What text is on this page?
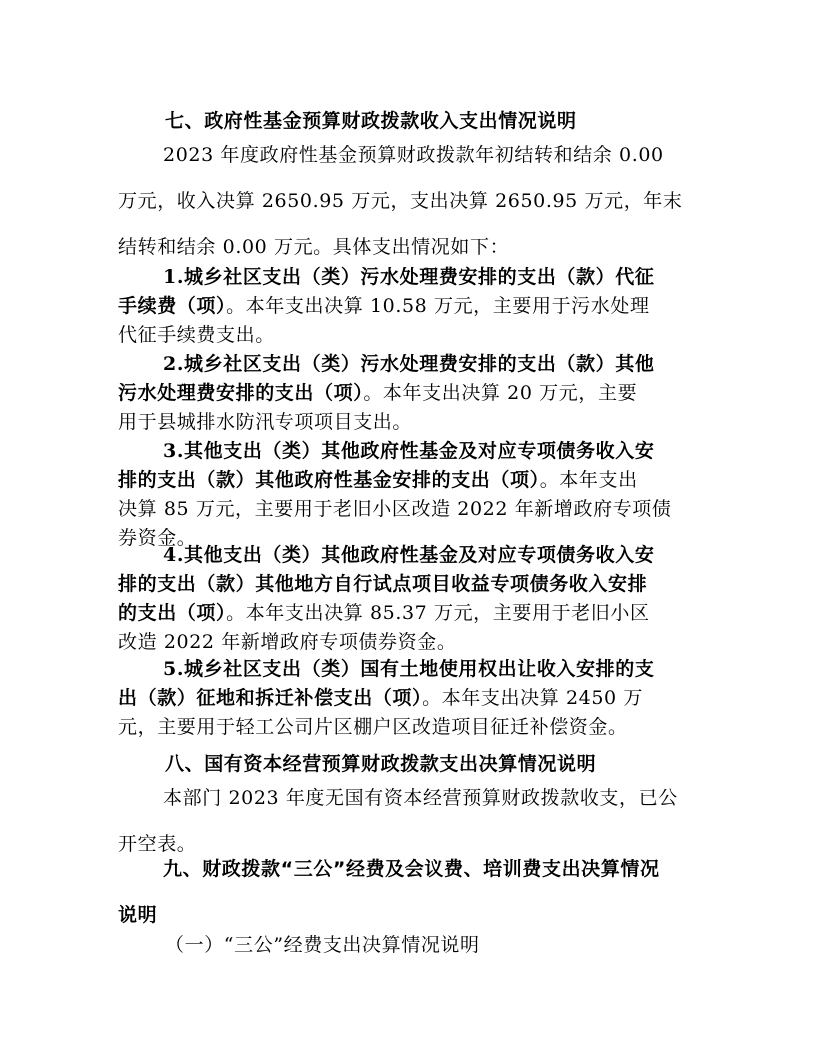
七、政府性基金预算财政拨款收入支出情况说明
2023 年度政府性基金预算财政拨款年初结转和结余 0.00
万元，收入决算 2650.95 万元，支出决算 2650.95 万元，年末
结转和结余 0.00 万元。具体支出情况如下：
1.城乡社区支出（类）污水处理费安排的支出（款）代征
手续费（项）。本年支出决算 10.58 万元，主要用于污水处理
代征手续费支出。
2.城乡社区支出（类）污水处理费安排的支出（款）其他
污水处理费安排的支出（项）。本年支出决算 20 万元，主要
用于县城排水防汛专项项目支出。
3.其他支出（类）其他政府性基金及对应专项债务收入安
排的支出（款）其他政府性基金安排的支出（项）。本年支出
决算 85 万元，主要用于老旧小区改造 2022 年新增政府专项债
券资金。
4.其他支出（类）其他政府性基金及对应专项债务收入安
排的支出（款）其他地方自行试点项目收益专项债务收入安排
的支出（项）。本年支出决算 85.37 万元，主要用于老旧小区
改造 2022 年新增政府专项债券资金。
5.城乡社区支出（类）国有土地使用权出让收入安排的支
出（款）征地和拆迁补偿支出（项）。本年支出决算 2450 万
元，主要用于轻工公司片区棚户区改造项目征迁补偿资金。
八、国有资本经营预算财政拨款支出决算情况说明
本部门 2023 年度无国有资本经营预算财政拨款收支，已公
开空表。
九、财政拨款“三公”经费及会议费、培训费支出决算情况
说明
（一）“三公”经费支出决算情况说明
